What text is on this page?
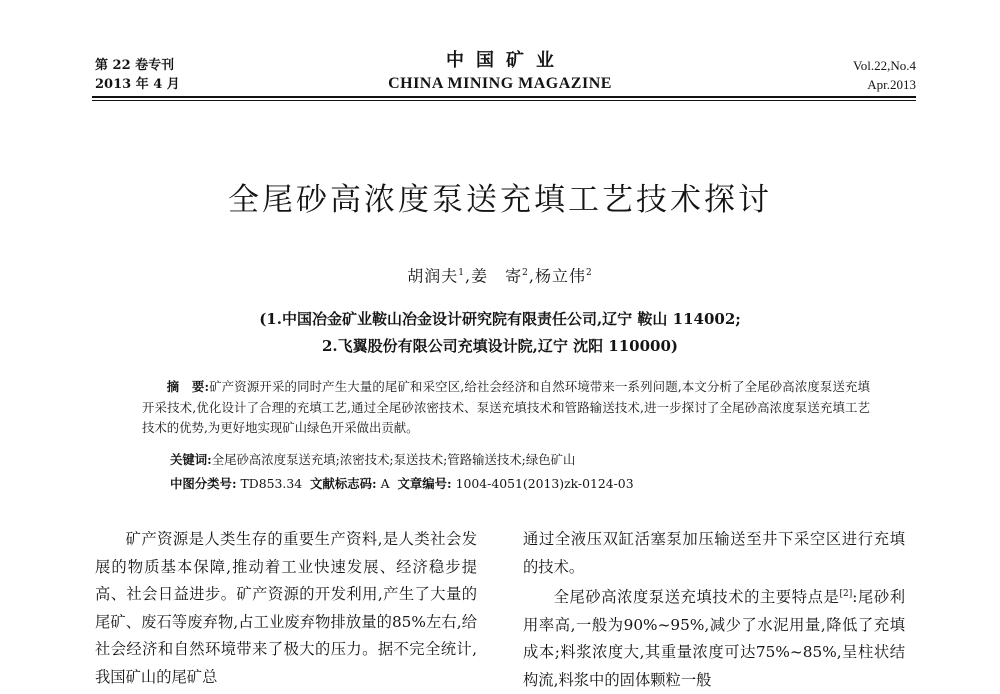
第 22 卷专刊
2013 年 4 月
中国矿业
CHINA MINING MAGAZINE
Vol.22,No.4
Apr.2013
全尾砂高浓度泵送充填工艺技术探讨
胡润夫$^1$,姜　寄$^2$,杨立伟$^2$
(1.中国冶金矿业鞍山冶金设计研究院有限责任公司,辽宁 鞍山 114002;
2.飞翼股份有限公司充填设计院,辽宁 沈阳 110000)
摘　要:矿产资源开采的同时产生大量的尾矿和采空区,给社会经济和自然环境带来一系列问题,本文分析了全尾砂高浓度泵送充填开采技术,优化设计了合理的充填工艺,通过全尾砂浓密技术、泵送充填技术和管路输送技术,进一步探讨了全尾砂高浓度泵送充填工艺技术的优势,为更好地实现矿山绿色开采做出贡献。
关键词:全尾砂高浓度泵送充填;浓密技术;泵送技术;管路输送技术;绿色矿山
中图分类号: TD853.34 文献标志码: A 文章编号: 1004-4051(2013)zk-0124-03

矿产资源是人类生存的重要生产资料,是人类社会发展的物质基本保障,推动着工业快速发展、经济稳步提高、社会日益进步。矿产资源的开发利用,产生了大量的尾矿、废石等废弃物,占工业废弃物排放量的85%左右,给社会经济和自然环境带来了极大的压力。据不完全统计,我国矿山的尾矿总

通过全液压双缸活塞泵加压输送至井下采空区进行充填的技术。

全尾砂高浓度泵送充填技术的主要特点是[2]:尾砂利用率高,一般为90%~95%,减少了水泥用量,降低了充填成本;料浆浓度大,其重量浓度可达75%~85%,呈柱状结构流,料浆中的固体颗粒一般
